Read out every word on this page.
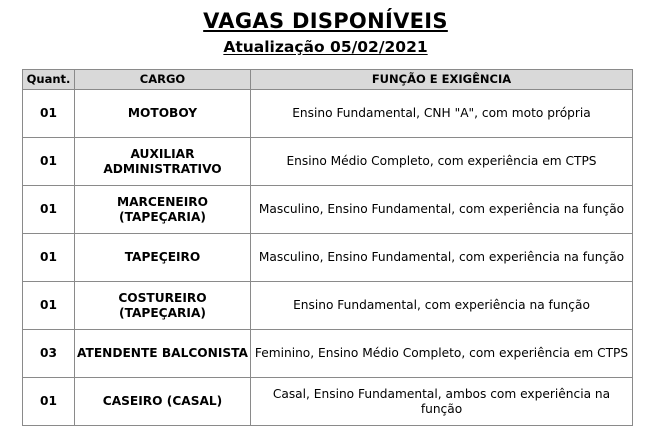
VAGAS DISPONÍVEIS
Atualização 05/02/2021
Quant.	CARGO	FUNÇÃO E EXIGÊNCIA
01	MOTOBOY	Ensino Fundamental, CNH "A", com moto própria
01	AUXILIAR ADMINISTRATIVO	Ensino Médio Completo, com experiência em CTPS
01	MARCENEIRO (TAPEÇARIA)	Masculino, Ensino Fundamental, com experiência na função
01	TAPEÇEIRO	Masculino, Ensino Fundamental, com experiência na função
01	COSTUREIRO (TAPEÇARIA)	Ensino Fundamental, com experiência na função
03	ATENDENTE BALCONISTA	Feminino, Ensino Médio Completo, com experiência em CTPS
01	CASEIRO (CASAL)	Casal, Ensino Fundamental, ambos com experiência na função
